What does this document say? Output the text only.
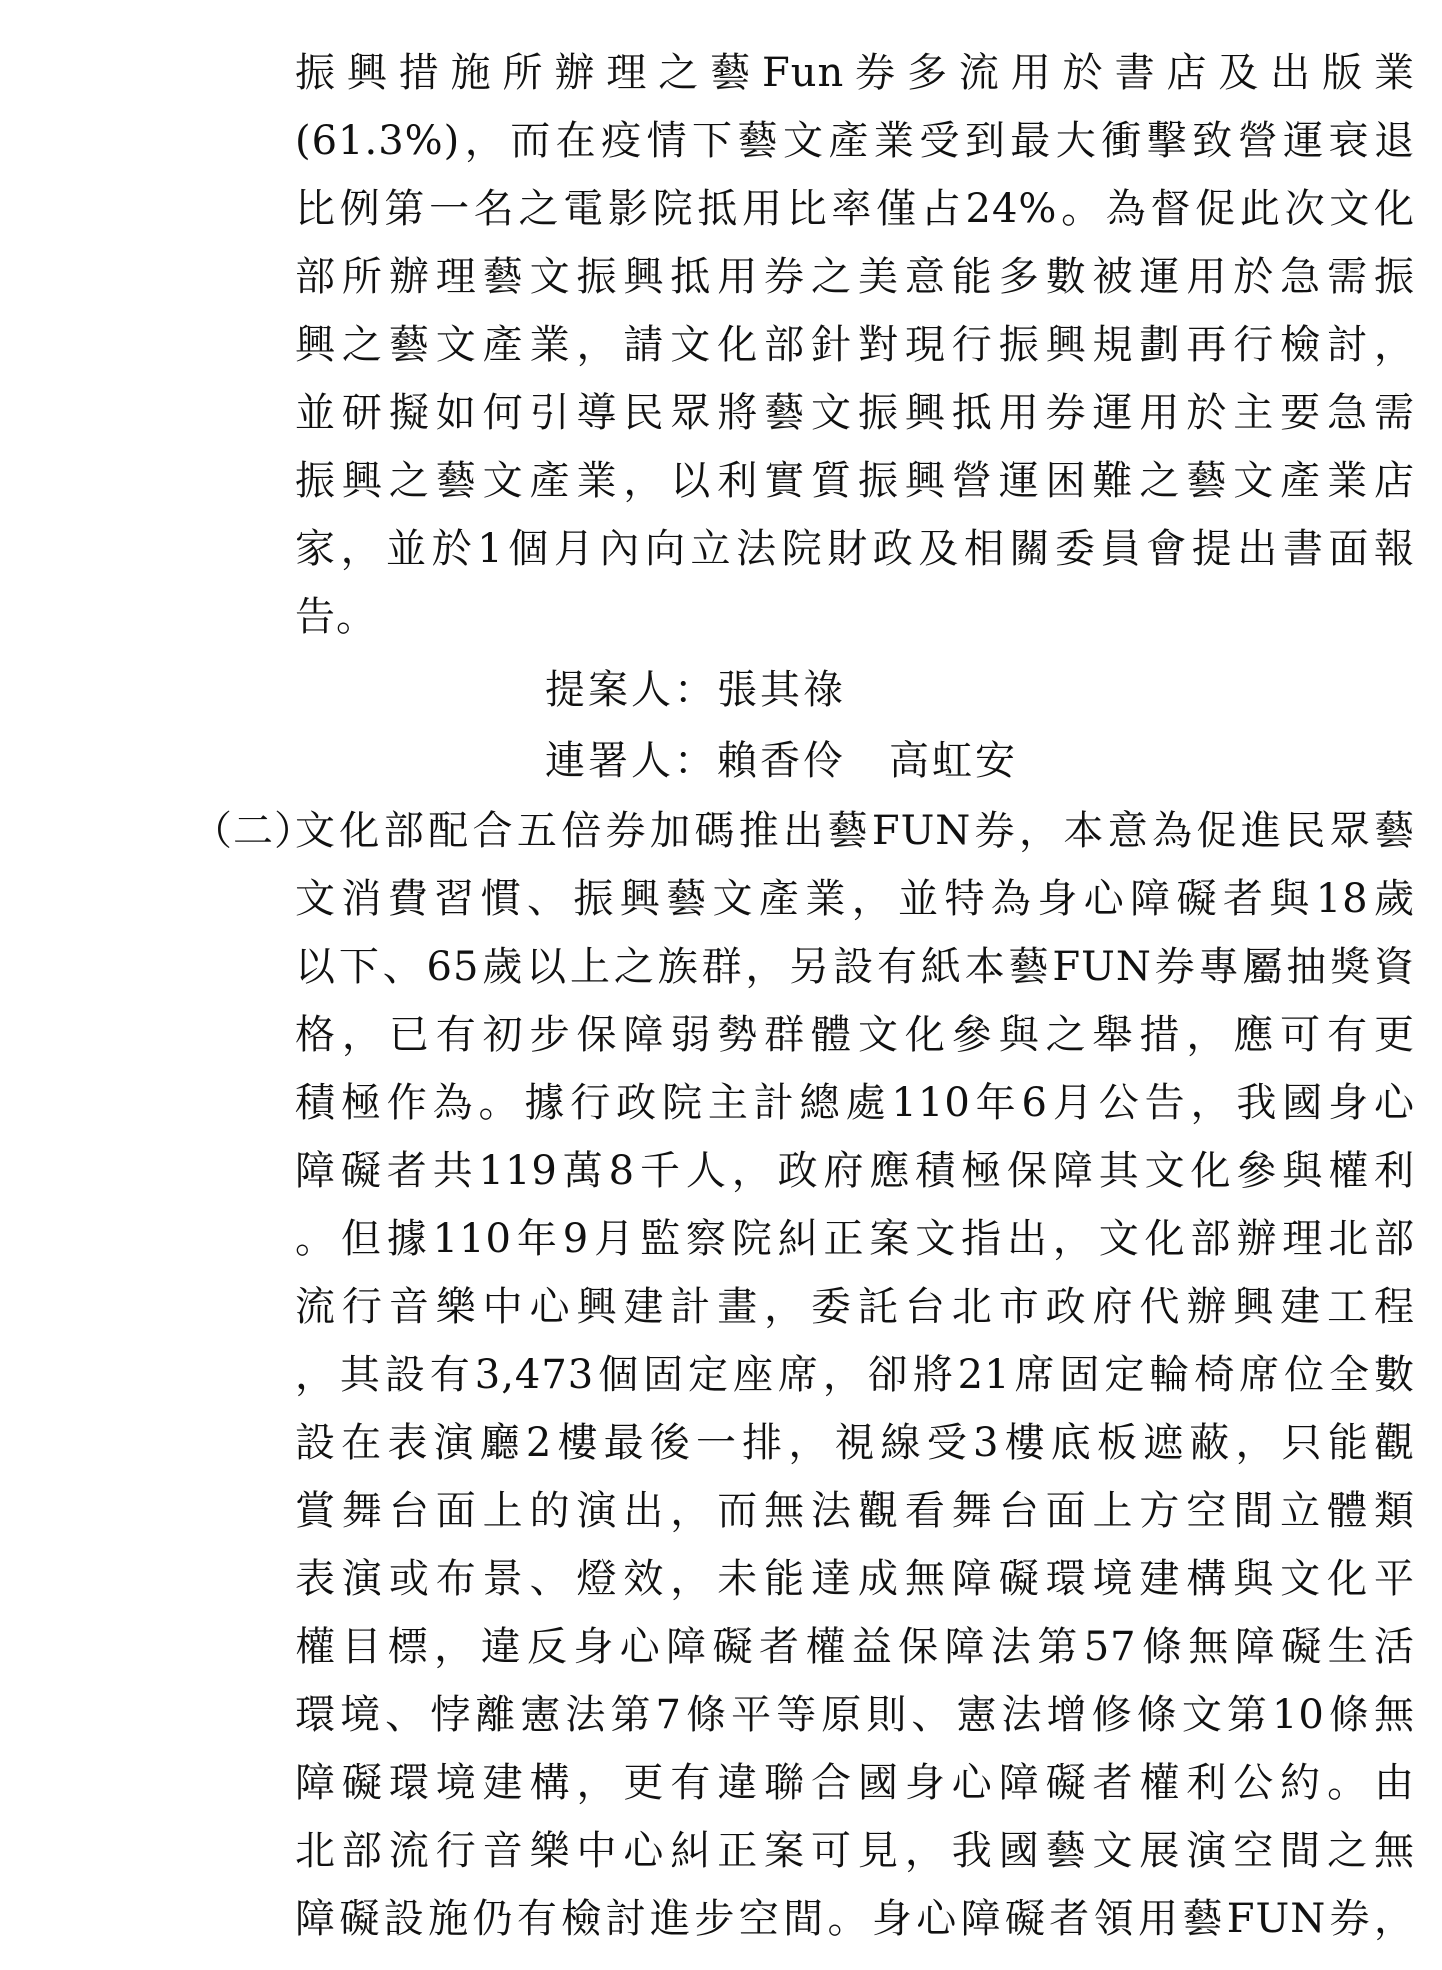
振興措施所辦理之藝Fun券多流用於書店及出版業
(61.3%)，而在疫情下藝文產業受到最大衝擊致營運衰退
比例第一名之電影院抵用比率僅占24%。為督促此次文化
部所辦理藝文振興抵用券之美意能多數被運用於急需振
興之藝文產業，請文化部針對現行振興規劃再行檢討，
並研擬如何引導民眾將藝文振興抵用券運用於主要急需
振興之藝文產業，以利實質振興營運困難之藝文產業店
家，並於1個月內向立法院財政及相關委員會提出書面報
告。
提案人：張其祿
連署人：賴香伶　高虹安
（二）
文化部配合五倍券加碼推出藝FUN券，本意為促進民眾藝
文消費習慣、振興藝文產業，並特為身心障礙者與18歲
以下、65歲以上之族群，另設有紙本藝FUN券專屬抽獎資
格，已有初步保障弱勢群體文化參與之舉措，應可有更
積極作為。據行政院主計總處110年6月公告，我國身心
障礙者共119萬8千人，政府應積極保障其文化參與權利
。但據110年9月監察院糾正案文指出，文化部辦理北部
流行音樂中心興建計畫，委託台北市政府代辦興建工程
，其設有3,473個固定座席，卻將21席固定輪椅席位全數
設在表演廳2樓最後一排，視線受3樓底板遮蔽，只能觀
賞舞台面上的演出，而無法觀看舞台面上方空間立體類
表演或布景、燈效，未能達成無障礙環境建構與文化平
權目標，違反身心障礙者權益保障法第57條無障礙生活
環境、悖離憲法第7條平等原則、憲法增修條文第10條無
障礙環境建構，更有違聯合國身心障礙者權利公約。由
北部流行音樂中心糾正案可見，我國藝文展演空間之無
障礙設施仍有檢討進步空間。身心障礙者領用藝FUN券，
